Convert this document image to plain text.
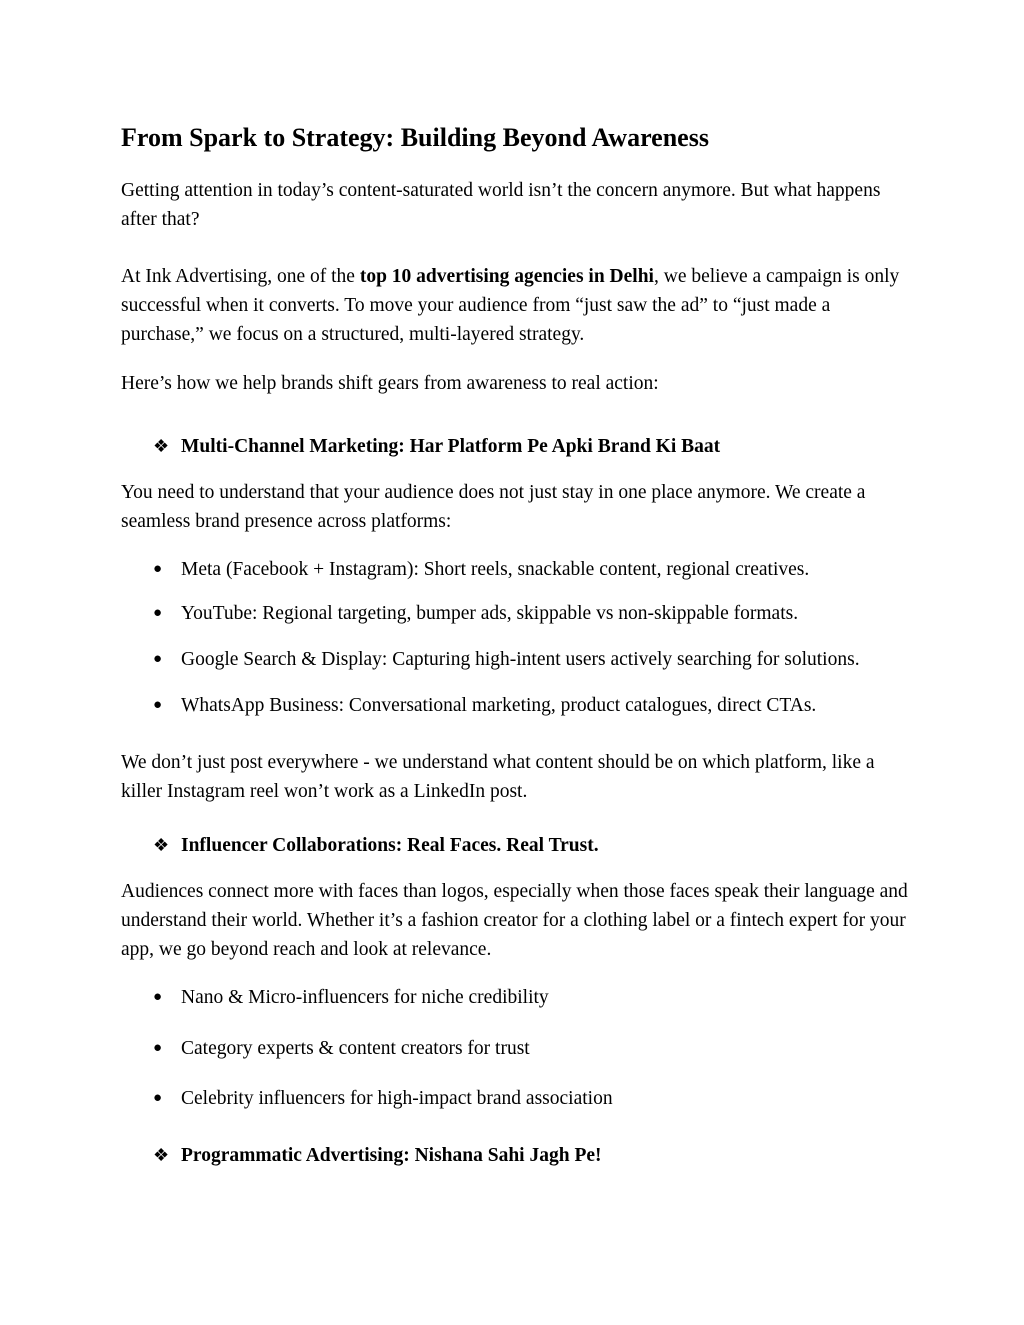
From Spark to Strategy: Building Beyond Awareness

Getting attention in today’s content-saturated world isn’t the concern anymore. But what happens after that?

At Ink Advertising, one of the top 10 advertising agencies in Delhi, we believe a campaign is only successful when it converts. To move your audience from “just saw the ad” to “just made a purchase,” we focus on a structured, multi-layered strategy.

Here’s how we help brands shift gears from awareness to real action:

❖ Multi-Channel Marketing: Har Platform Pe Apki Brand Ki Baat

You need to understand that your audience does not just stay in one place anymore. We create a seamless brand presence across platforms:

● Meta (Facebook + Instagram): Short reels, snackable content, regional creatives.
● YouTube: Regional targeting, bumper ads, skippable vs non-skippable formats.
● Google Search & Display: Capturing high-intent users actively searching for solutions.
● WhatsApp Business: Conversational marketing, product catalogues, direct CTAs.

We don’t just post everywhere - we understand what content should be on which platform, like a killer Instagram reel won’t work as a LinkedIn post.

❖ Influencer Collaborations: Real Faces. Real Trust.

Audiences connect more with faces than logos, especially when those faces speak their language and understand their world. Whether it’s a fashion creator for a clothing label or a fintech expert for your app, we go beyond reach and look at relevance.

● Nano & Micro-influencers for niche credibility
● Category experts & content creators for trust
● Celebrity influencers for high-impact brand association
❖ Programmatic Advertising: Nishana Sahi Jagh Pe!
